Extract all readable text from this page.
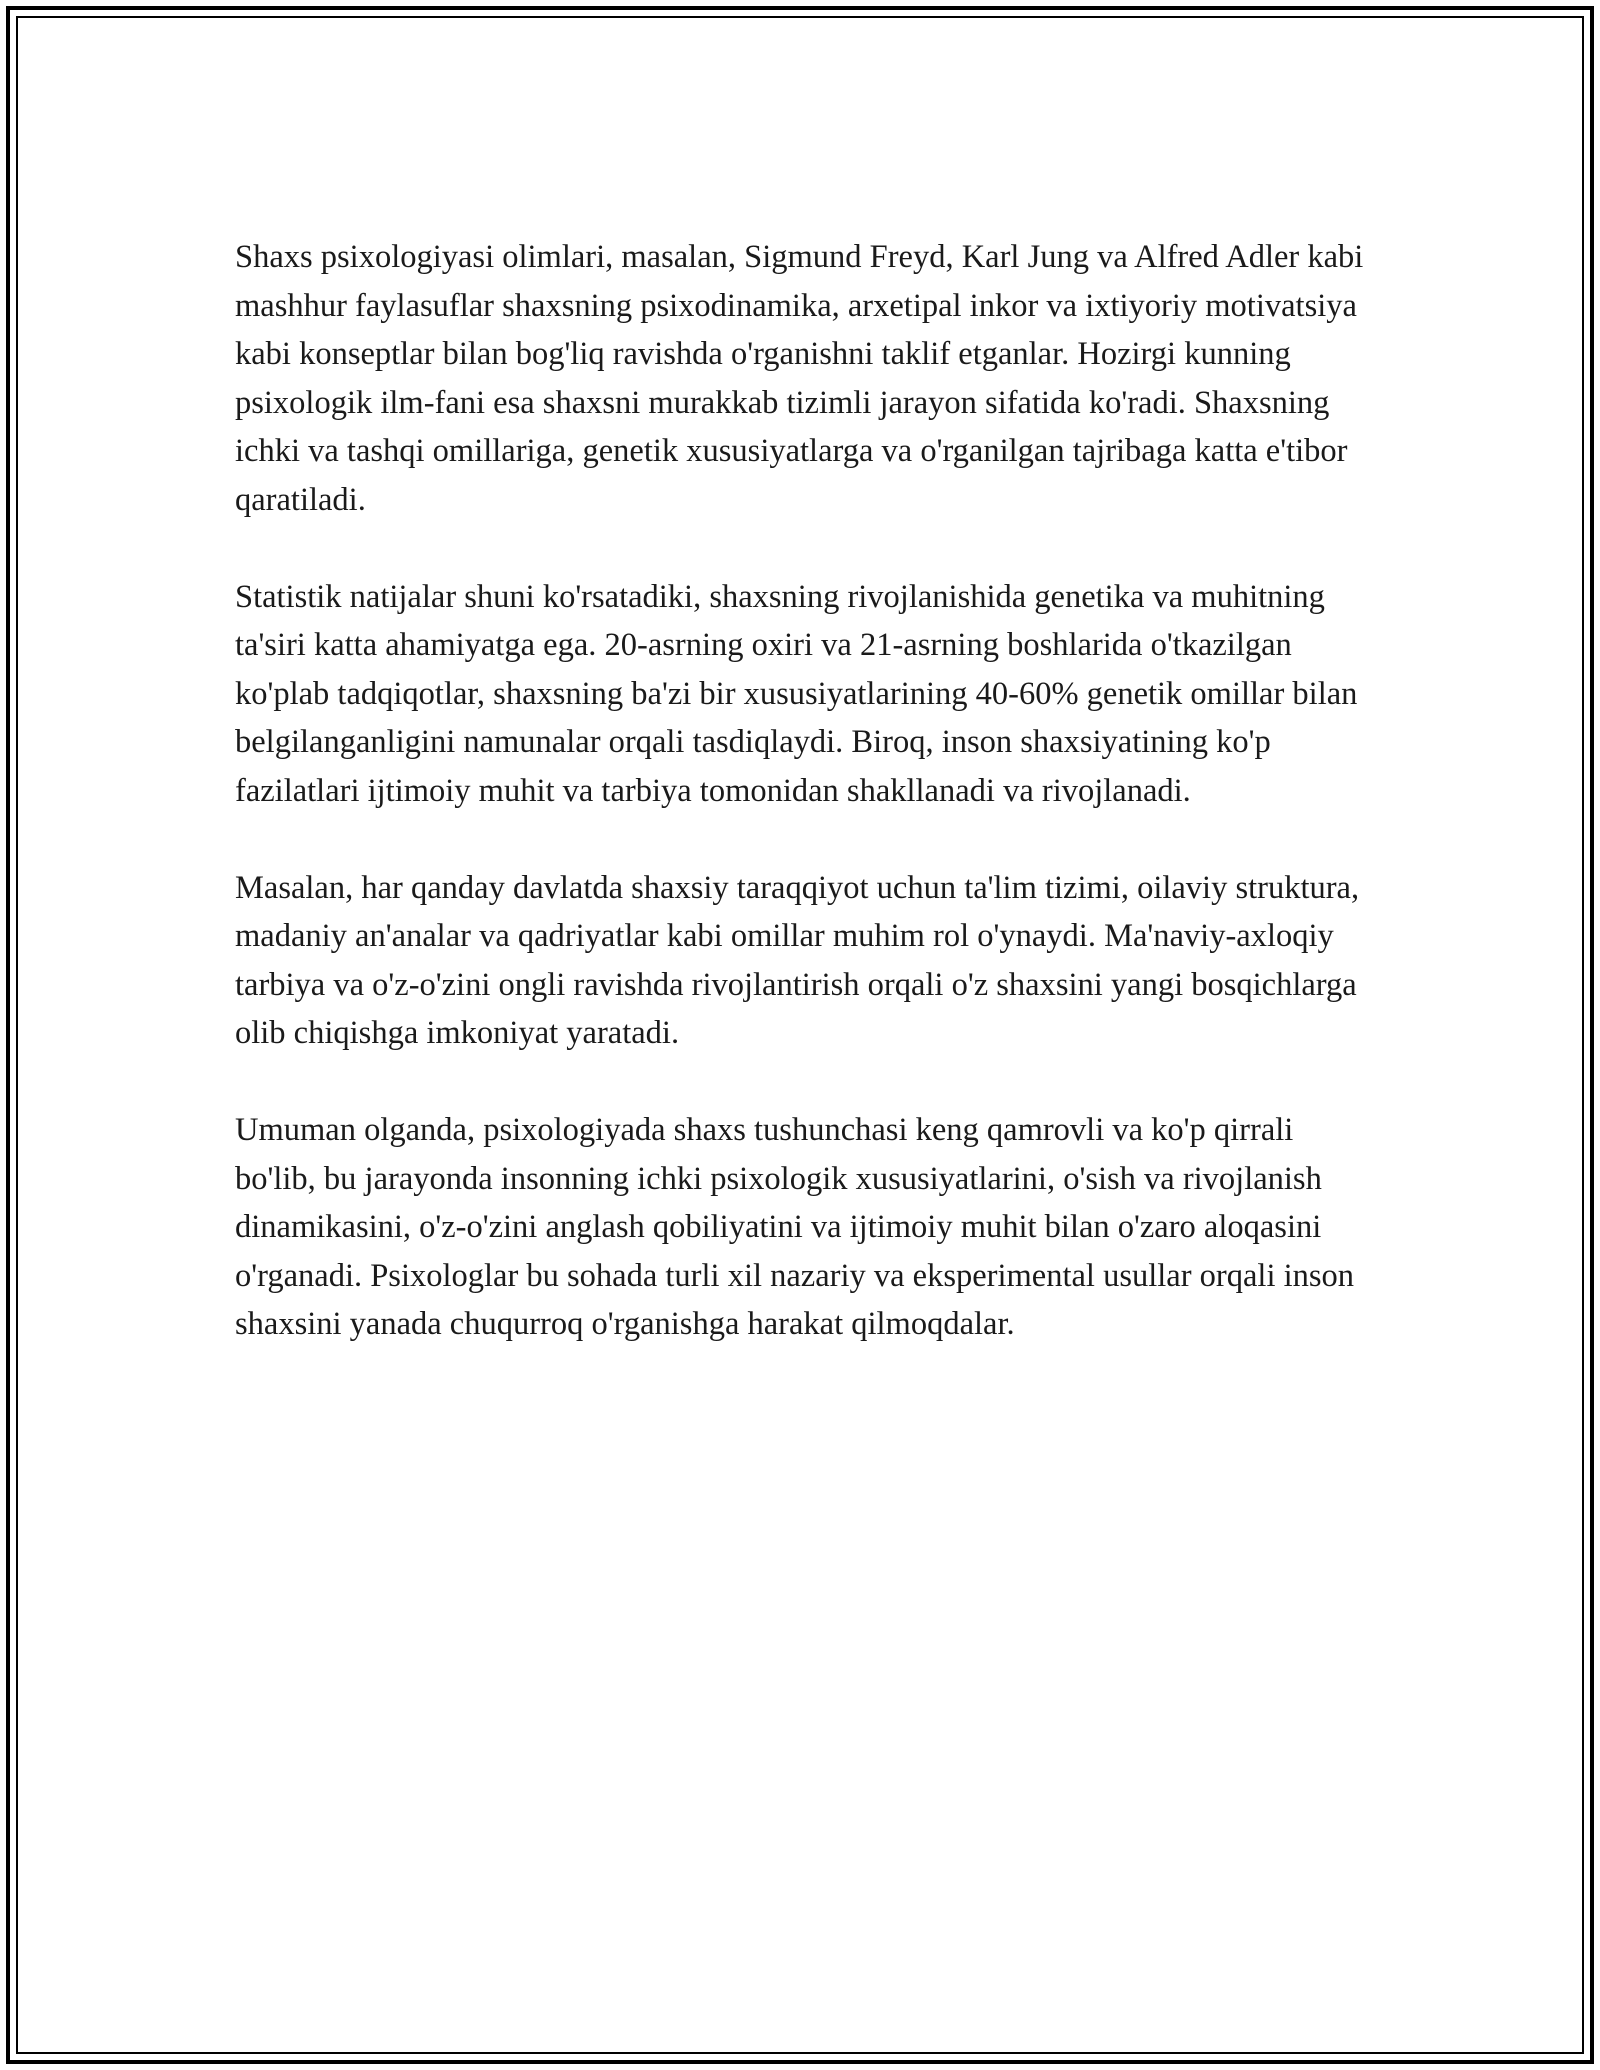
Shaxs psixologiyasi olimlari, masalan, Sigmund Freyd, Karl Jung va Alfred Adler kabi mashhur faylasuflar shaxsning psixodinamika, arxetipal inkor va ixtiyoriy motivatsiya kabi konseptlar bilan bog'liq ravishda o'rganishni taklif etganlar. Hozirgi kunning psixologik ilm-fani esa shaxsni murakkab tizimli jarayon sifatida ko'radi. Shaxsning ichki va tashqi omillariga, genetik xususiyatlarga va o'rganilgan tajribaga katta e'tibor qaratiladi.

Statistik natijalar shuni ko'rsatadiki, shaxsning rivojlanishida genetika va muhitning ta'siri katta ahamiyatga ega. 20-asrning oxiri va 21-asrning boshlarida o'tkazilgan ko'plab tadqiqotlar, shaxsning ba'zi bir xususiyatlarining 40-60% genetik omillar bilan belgilanganligini namunalar orqali tasdiqlaydi. Biroq, inson shaxsiyatining ko'p fazilatlari ijtimoiy muhit va tarbiya tomonidan shakllanadi va rivojlanadi.

Masalan, har qanday davlatda shaxsiy taraqqiyot uchun ta'lim tizimi, oilaviy struktura, madaniy an'analar va qadriyatlar kabi omillar muhim rol o'ynaydi. Ma'naviy-axloqiy tarbiya va o'z-o'zini ongli ravishda rivojlantirish orqali o'z shaxsini yangi bosqichlarga olib chiqishga imkoniyat yaratadi.

Umuman olganda, psixologiyada shaxs tushunchasi keng qamrovli va ko'p qirrali bo'lib, bu jarayonda insonning ichki psixologik xususiyatlarini, o'sish va rivojlanish dinamikasini, o'z-o'zini anglash qobiliyatini va ijtimoiy muhit bilan o'zaro aloqasini o'rganadi. Psixologlar bu sohada turli xil nazariy va eksperimental usullar orqali inson shaxsini yanada chuqurroq o'rganishga harakat qilmoqdalar.
